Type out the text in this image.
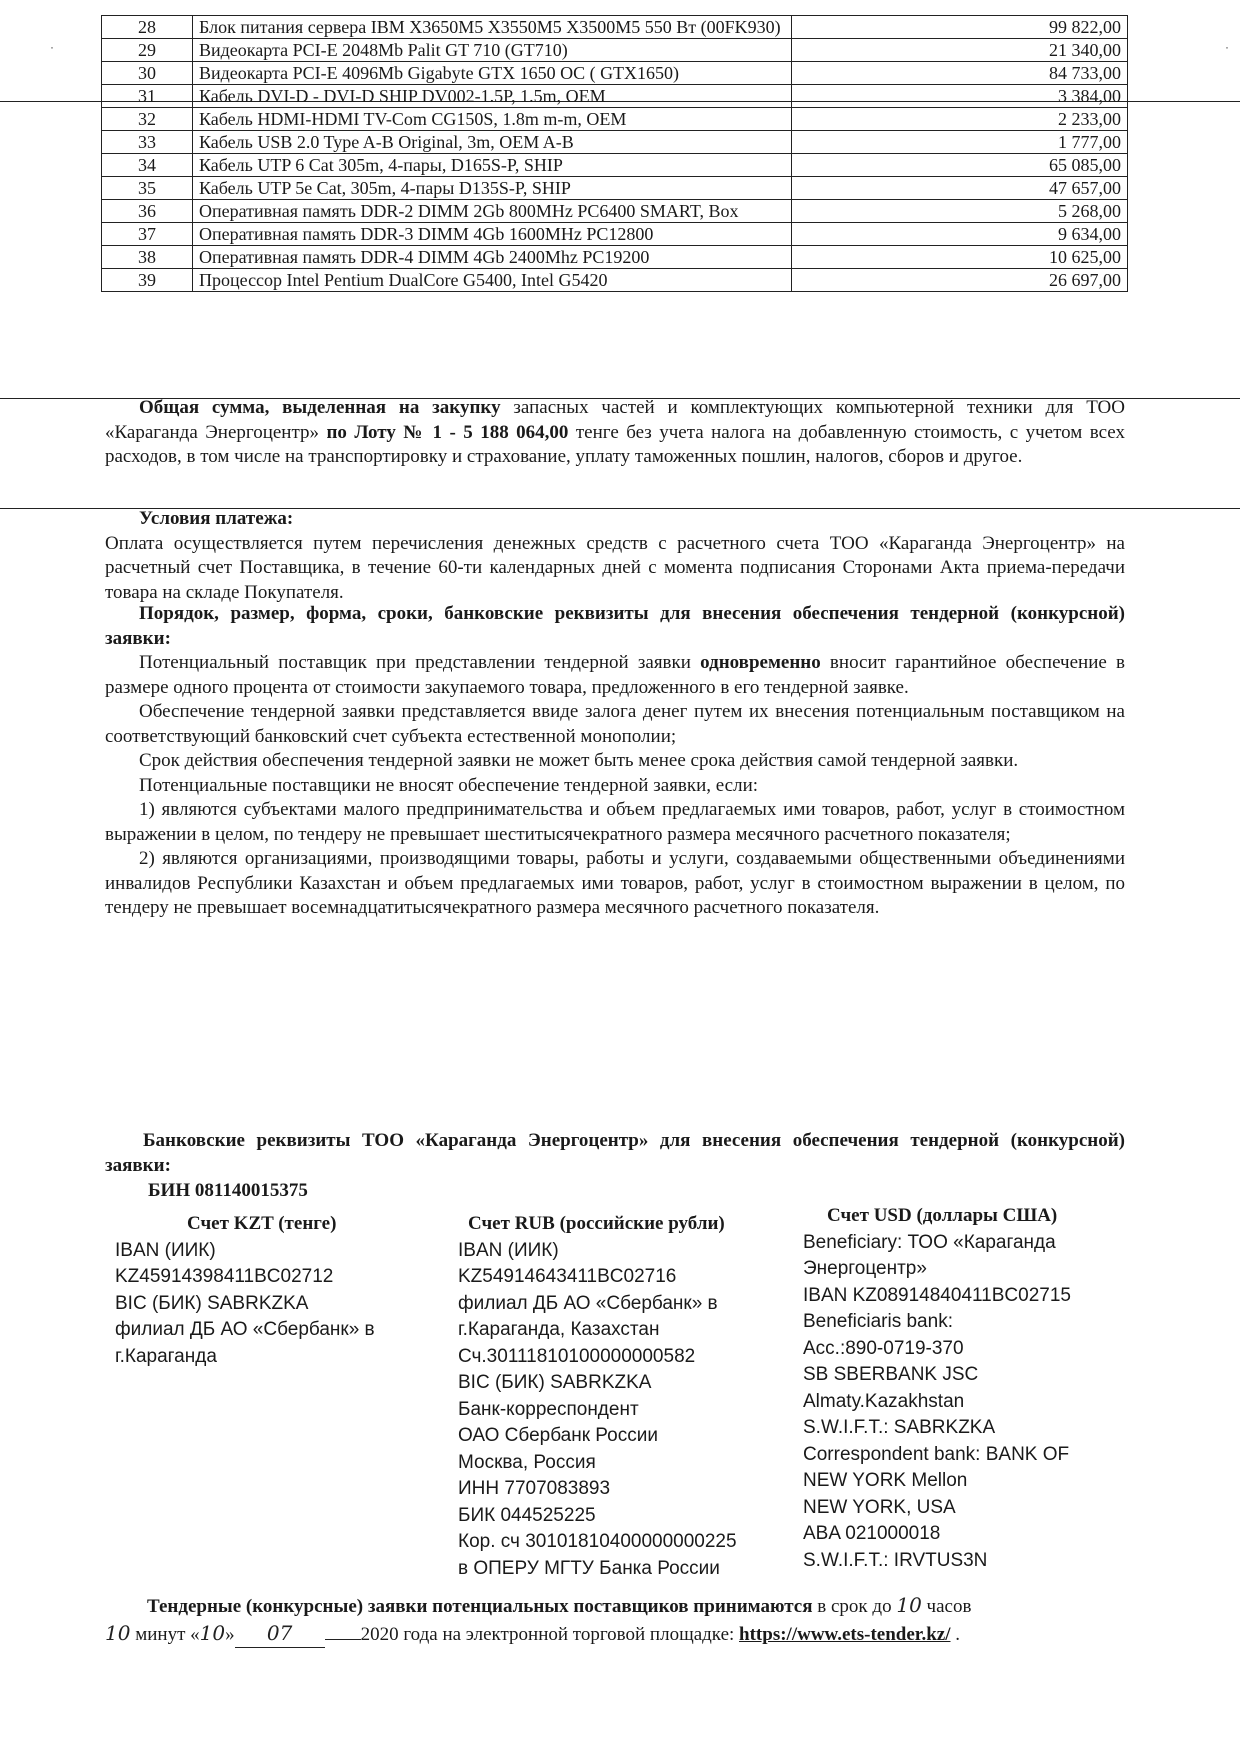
·	·
28	Блок питания сервера IBM X3650M5 X3550M5 X3500M5 550 Вт (00FK930)	99 822,00
29	Видеокарта PCI-E 2048Mb Palit GT 710 (GT710)	21 340,00
30	Видеокарта PCI-E 4096Mb Gigabyte GTX 1650 OC ( GTX1650)	84 733,00
31	Кабель DVI-D - DVI-D SHIP DV002-1.5P, 1.5m, OEM	3 384,00
32	Кабель HDMI-HDMI TV-Com CG150S, 1.8m m-m, OEM	2 233,00
33	Кабель USB 2.0 Type A-B Original, 3m, OEM A-B	1 777,00
34	Кабель UTP 6 Cat 305m, 4-пары, D165S-P, SHIP	65 085,00
35	Кабель UTP 5e Cat, 305m, 4-пары D135S-P, SHIP	47 657,00
36	Оперативная память DDR-2 DIMM 2Gb 800MHz PC6400 SMART, Box	5 268,00
37	Оперативная память DDR-3 DIMM 4Gb 1600MHz PC12800	9 634,00
38	Оперативная память DDR-4 DIMM 4Gb 2400Mhz PC19200	10 625,00
39	Процессор Intel Pentium DualCore G5400, Intel G5420	26 697,00

Общая сумма, выделенная на закупку запасных частей и комплектующих компьютерной техники для ТОО «Караганда Энергоцентр» по Лоту № 1 - 5 188 064,00 тенге без учета налога на добавленную стоимость, с учетом всех расходов, в том числе на транспортировку и страхование, уплату таможенных пошлин, налогов, сборов и другое.

Условия платежа:

Оплата осуществляется путем перечисления денежных средств с расчетного счета ТОО «Караганда Энергоцентр» на расчетный счет Поставщика, в течение 60-ти календарных дней с момента подписания Сторонами Акта приема-передачи товара на складе Покупателя.

Порядок, размер, форма, сроки, банковские реквизиты для внесения обеспечения тендерной (конкурсной) заявки:

Потенциальный поставщик при представлении тендерной заявки одновременно вносит гарантийное обеспечение в размере одного процента от стоимости закупаемого товара, предложенного в его тендерной заявке.

Обеспечение тендерной заявки представляется ввиде залога денег путем их внесения потенциальным поставщиком на соответствующий банковский счет субъекта естественной монополии;

Срок действия обеспечения тендерной заявки не может быть менее срока действия самой тендерной заявки.

Потенциальные поставщики не вносят обеспечение тендерной заявки, если:

1) являются субъектами малого предпринимательства и объем предлагаемых ими товаров, работ, услуг в стоимостном выражении в целом, по тендеру не превышает шеститысячекратного размера месячного расчетного показателя;

2) являются организациями, производящими товары, работы и услуги, создаваемыми общественными объединениями инвалидов Республики Казахстан и объем предлагаемых ими товаров, работ, услуг в стоимостном выражении в целом, по тендеру не превышает восемнадцатитысячекратного размера месячного расчетного показателя.

Банковские реквизиты ТОО «Караганда Энергоцентр» для внесения обеспечения тендерной (конкурсной) заявки:
БИН 081140015375
Счет KZT (тенге)
IBAN (ИИК)
KZ45914398411BC02712
BIC (БИК) SABRKZKA
филиал ДБ АО «Сбербанк» в
г.Караганда
Счет RUB (российские рубли)
IBAN (ИИК)
KZ54914643411BC02716
филиал ДБ АО «Сбербанк» в
г.Караганда, Казахстан
Сч.30111810100000000582
BIC (БИК) SABRKZKA
Банк-корреспондент
ОАО Сбербанк России
Москва, Россия
ИНН 7707083893
БИК 044525225
Кор. сч 30101810400000000225
в ОПЕРУ МГТУ Банка России
Счет USD (доллары США)
Beneficiary: ТОО «Караганда
Энергоцентр»
IBAN KZ08914840411BC02715
Beneficiaris bank:
Acc.:890-0719-370
SB SBERBANK JSC
Almaty.Kazakhstan
S.W.I.F.T.: SABRKZKA
Correspondent bank: BANK OF
NEW YORK Mellon
NEW YORK, USA
ABA 021000018
S.W.I.F.T.: IRVTUS3N
Тендерные (конкурсные) заявки потенциальных поставщиков принимаются в срок до 10 часов
10 минут «10» 07	2020 года на электронной торговой площадке: https://www.ets-tender.kz/ .
